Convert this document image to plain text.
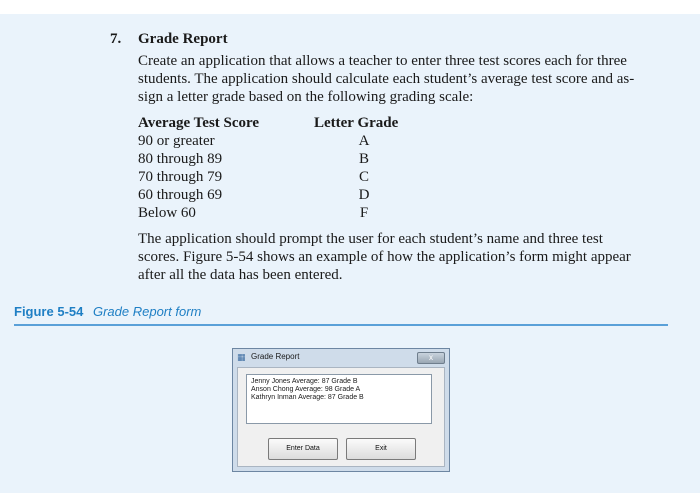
7. Grade Report
Create an application that allows a teacher to enter three test scores each for three
students. The application should calculate each student’s average test score and as-
sign a letter grade based on the following grading scale:
Average Test Score	Letter Grade
90 or greater	A
80 through 89	B
70 through 79	C
60 through 69	D
Below 60	F
The application should prompt the user for each student’s name and three test
scores. Figure 5-54 shows an example of how the application’s form might appear
after all the data has been entered.
Figure 5-54 Grade Report form
▦ Grade Report	x
Jenny Jones Average: 87 Grade B
Anson Chong Average: 98 Grade A
Kathryn Inman Average: 87 Grade B
Enter Data	Exit
